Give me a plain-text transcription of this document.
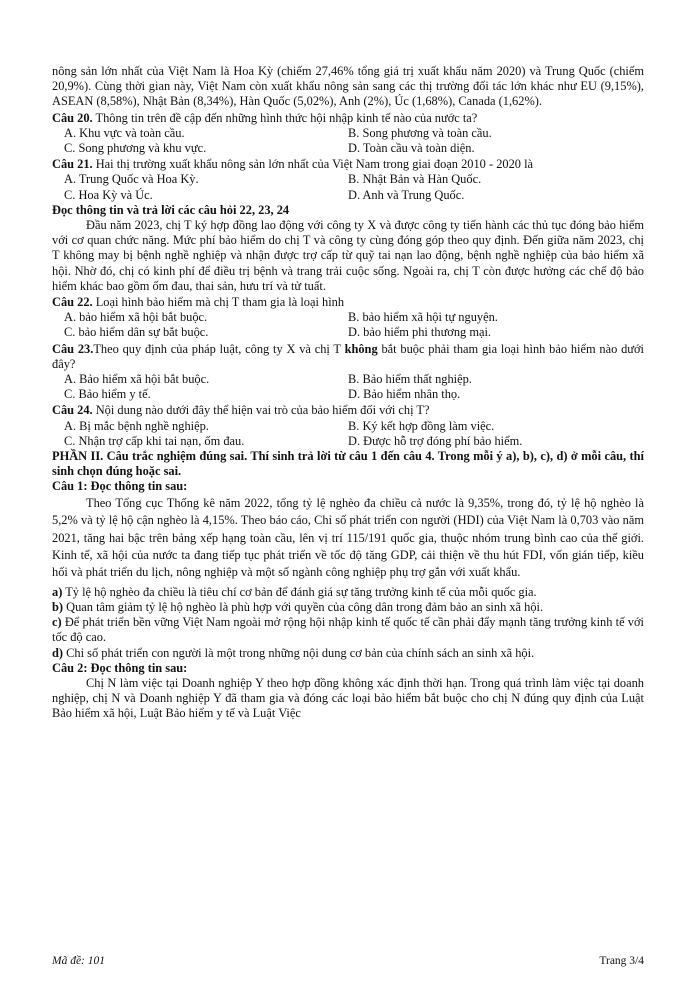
nông sản lớn nhất của Việt Nam là Hoa Kỳ (chiếm 27,46% tổng giá trị xuất khẩu năm 2020) và Trung Quốc (chiếm 20,9%). Cùng thời gian này, Việt Nam còn xuất khẩu nông sản sang các thị trường đối tác lớn khác như EU (9,15%), ASEAN (8,58%), Nhật Bản (8,34%), Hàn Quốc (5,02%), Anh (2%), Úc (1,68%), Canada (1,62%).

Câu 20. Thông tin trên đề cập đến những hình thức hội nhập kinh tế nào của nước ta?

A. Khu vực và toàn cầu.	B. Song phương và toàn cầu.
C. Song phương và khu vực.	D. Toàn cầu và toàn diện.

Câu 21. Hai thị trường xuất khẩu nông sản lớn nhất của Việt Nam trong giai đoạn 2010 - 2020 là

A. Trung Quốc và Hoa Kỳ.	B. Nhật Bản và Hàn Quốc.
C. Hoa Kỳ và Úc.	D. Anh và Trung Quốc.

Đọc thông tin và trả lời các câu hỏi 22, 23, 24

Đầu năm 2023, chị T ký hợp đồng lao động với công ty X và được công ty tiến hành các thủ tục đóng bảo hiểm với cơ quan chức năng. Mức phí bảo hiểm do chị T và công ty cùng đóng góp theo quy định. Đến giữa năm 2023, chị T không may bị bệnh nghề nghiệp và nhận được trợ cấp từ quỹ tai nạn lao động, bệnh nghề nghiệp của bảo hiểm xã hội. Nhờ đó, chị có kinh phí để điều trị bệnh và trang trải cuộc sống. Ngoài ra, chị T còn được hưởng các chế độ bảo hiểm khác bao gồm ốm đau, thai sản, hưu trí và tử tuất.

Câu 22. Loại hình bảo hiểm mà chị T tham gia là loại hình

A. bảo hiểm xã hội bắt buộc.	B. bảo hiểm xã hội tự nguyện.
C. bảo hiểm dân sự bắt buộc.	D. bảo hiểm phi thương mại.

Câu 23.Theo quy định của pháp luật, công ty X và chị T không bắt buộc phải tham gia loại hình bảo hiểm nào dưới đây?

A. Bảo hiểm xã hội bắt buộc.	B. Bảo hiểm thất nghiệp.
C. Bảo hiểm y tế.	D. Bảo hiểm nhân thọ.

Câu 24. Nội dung nào dưới đây thể hiện vai trò của bảo hiểm đối với chị T?

A. Bị mắc bệnh nghề nghiệp.	B. Ký kết hợp đồng làm việc.
C. Nhận trợ cấp khi tai nạn, ốm đau.	D. Được hỗ trợ đóng phí bảo hiểm.

PHẦN II. Câu trắc nghiệm đúng sai. Thí sinh trả lời từ câu 1 đến câu 4. Trong mỗi ý a), b), c), d) ở mỗi câu, thí sinh chọn đúng hoặc sai.

Câu 1: Đọc thông tin sau:

Theo Tổng cục Thống kê năm 2022, tổng tỷ lệ nghèo đa chiều cả nước là 9,35%, trong đó, tỷ lệ hộ nghèo là 5,2% và tỷ lệ hộ cận nghèo là 4,15%. Theo báo cáo, Chỉ số phát triển con người (HDI) của Việt Nam là 0,703 vào năm 2021, tăng hai bậc trên bảng xếp hạng toàn cầu, lên vị trí 115/191 quốc gia, thuộc nhóm trung bình cao của thế giới. Kinh tế, xã hội của nước ta đang tiếp tục phát triển về tốc độ tăng GDP, cải thiện về thu hút FDI, vốn gián tiếp, kiều hối và phát triển du lịch, nông nghiệp và một số ngành công nghiệp phụ trợ gắn với xuất khẩu.

a) Tỷ lệ hộ nghèo đa chiều là tiêu chí cơ bản để đánh giá sự tăng trưởng kinh tế của mỗi quốc gia.

b) Quan tâm giảm tỷ lệ hộ nghèo là phù hợp với quyền của công dân trong đảm bảo an sinh xã hội.

c) Để phát triển bền vững Việt Nam ngoài mở rộng hội nhập kinh tế quốc tế cần phải đẩy mạnh tăng trưởng kinh tế với tốc độ cao.

d) Chỉ số phát triển con người là một trong những nội dung cơ bản của chính sách an sinh xã hội.

Câu 2: Đọc thông tin sau:

Chị N làm việc tại Doanh nghiệp Y theo hợp đồng không xác định thời hạn. Trong quá trình làm việc tại doanh nghiệp, chị N và Doanh nghiệp Y đã tham gia và đóng các loại bảo hiểm bắt buộc cho chị N đúng quy định của Luật Bảo hiểm xã hội, Luật Bảo hiểm y tế và Luật Việc

Mã đề: 101	Trang 3/4
